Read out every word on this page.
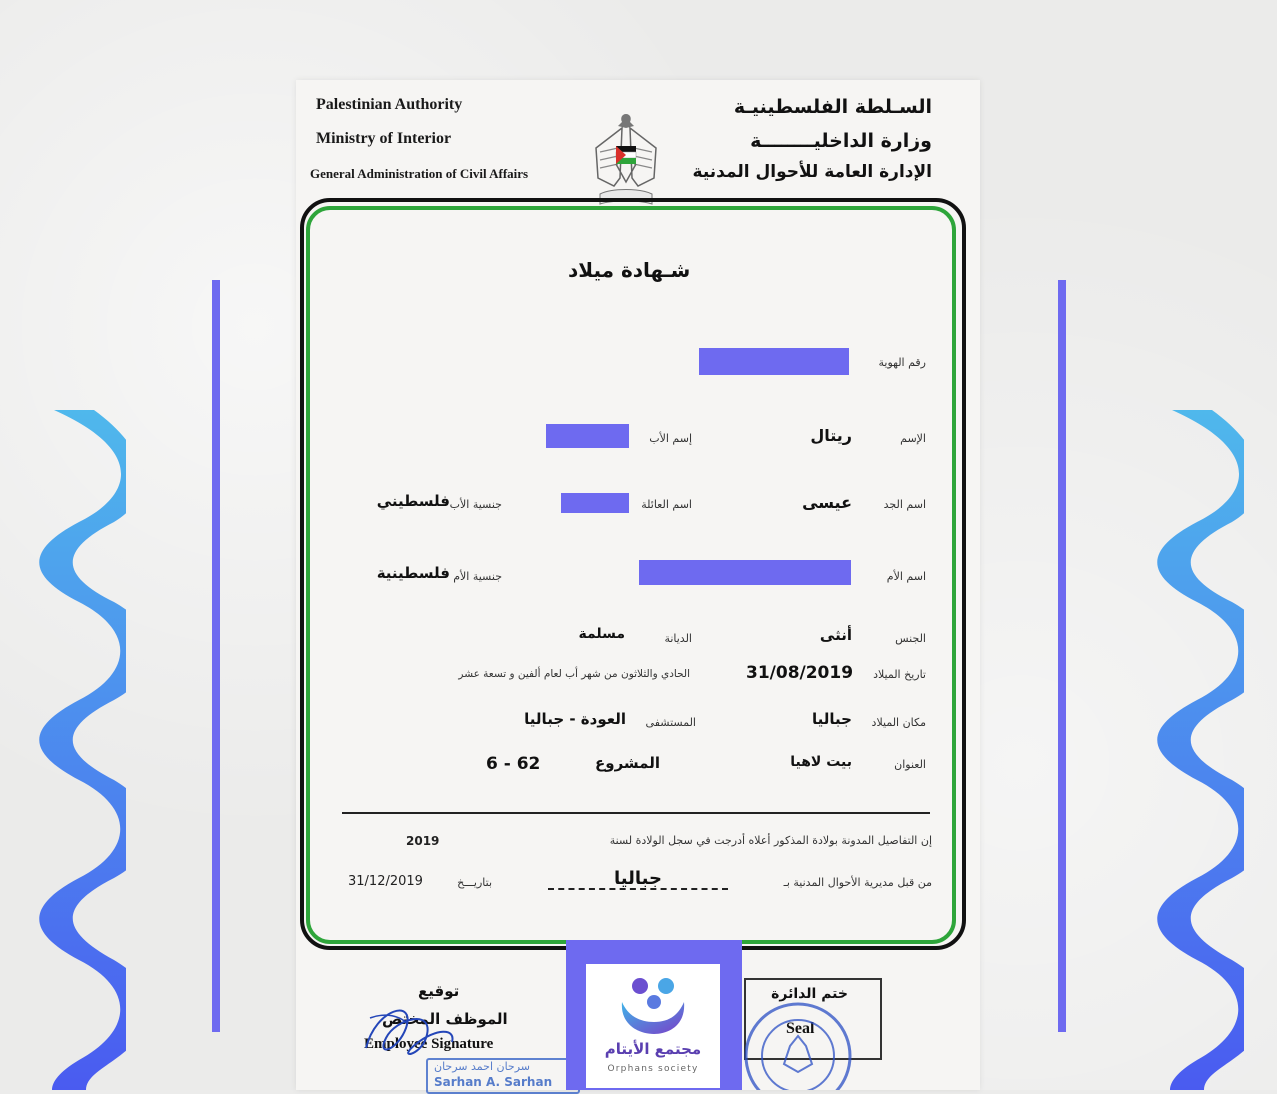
Palestinian Authority
Ministry of Interior
General Administration of Civil Affairs
السـلطة الفلسطينيـة
وزارة الداخليــــــــة
الإدارة العامة للأحوال المدنية
شـهادة ميلاد
رقم الهوية
الإسم
ريتال
إسم الأب
اسم الجد
عيسى
اسم العائلة
جنسية الأب
فلسطيني
اسم الأم
جنسية الأم
فلسطينية
الجنس
أنثى
الديانة
مسلمة
تاريخ الميلاد
31/08/2019
الحادي والثلاثون من شهر أب لعام ألفين و تسعة عشر
مكان الميلاد
جباليا
المستشفى
العودة - جباليا
العنوان
بيت لاهيا
المشروع
6 - 62
إن التفاصيل المدونة بولادة المذكور أعلاه أدرجت في سجل الولادة لسنة
2019
من قبل مديرية الأحوال المدنية بـ
جباليا
بتاريـــخ
31/12/2019
توقيع
الموظف المختص
Employee Signature
سرحان احمد سرحان
Sarhan A. Sarhan
ختم الدائرة
Seal
مجتمع الأيتام
Orphans society
